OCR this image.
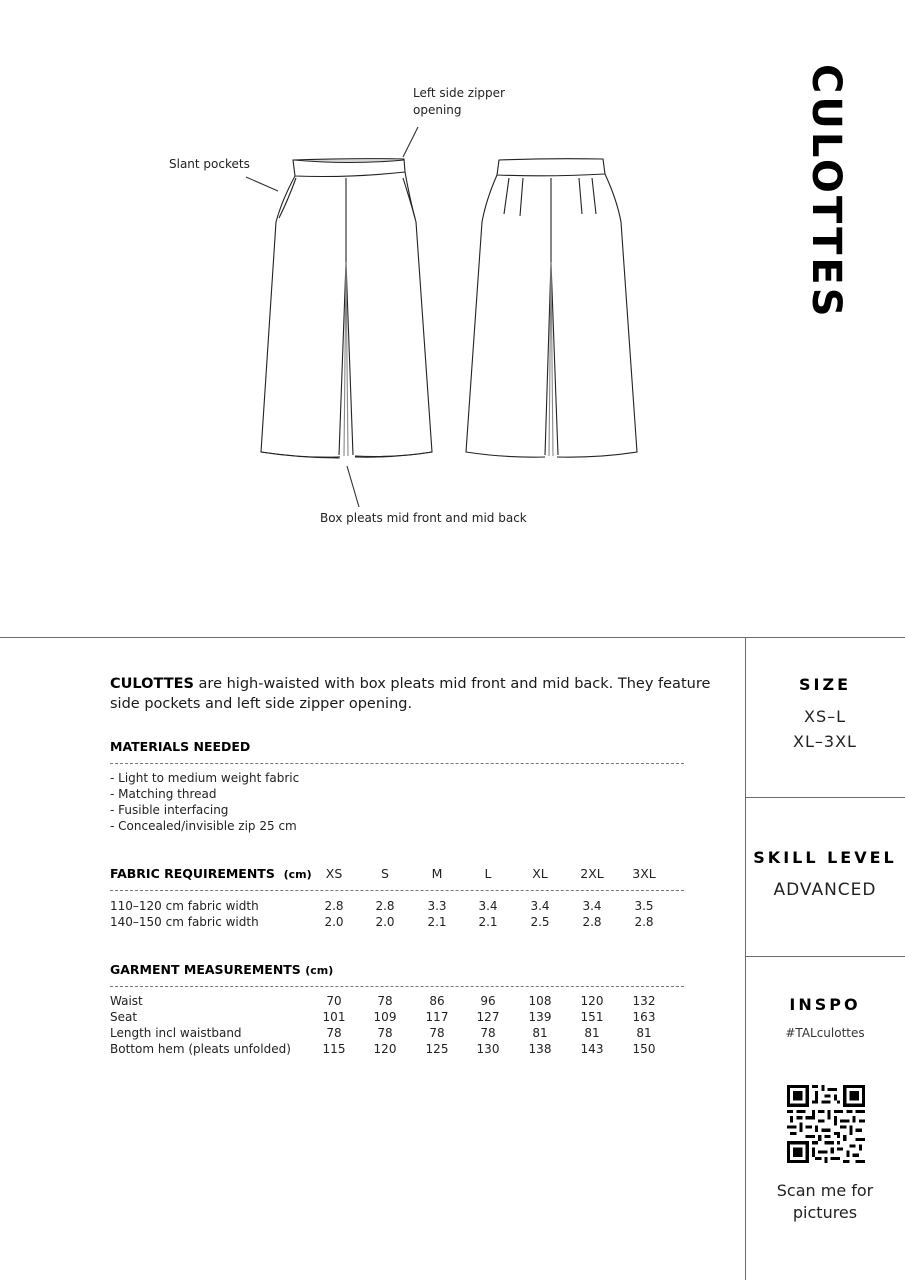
CULOTTES
Left side zipper
opening
Slant pockets
Box pleats mid front and mid back
CULOTTES are high-waisted with box pleats mid front and mid back. They feature side pockets and left side zipper opening.
MATERIALS NEEDED
- Light to medium weight fabric
- Matching thread
- Fusible interfacing
- Concealed/invisible zip 25 cm
FABRIC REQUIREMENTS (cm)	XS	S	M	L	XL	2XL	3XL
110–120 cm fabric width	2.8	2.8	3.3	3.4	3.4	3.4	3.5
140–150 cm fabric width	2.0	2.0	2.1	2.1	2.5	2.8	2.8
GARMENT MEASUREMENTS (cm)
Waist	70	78	86	96	108	120	132
Seat	101	109	117	127	139	151	163
Length incl waistband	78	78	78	78	81	81	81
Bottom hem (pleats unfolded)	115	120	125	130	138	143	150
SIZE
XS–L
XL–3XL
SKILL LEVEL
ADVANCED
INSPO
#TALculottes
Scan me for
pictures
